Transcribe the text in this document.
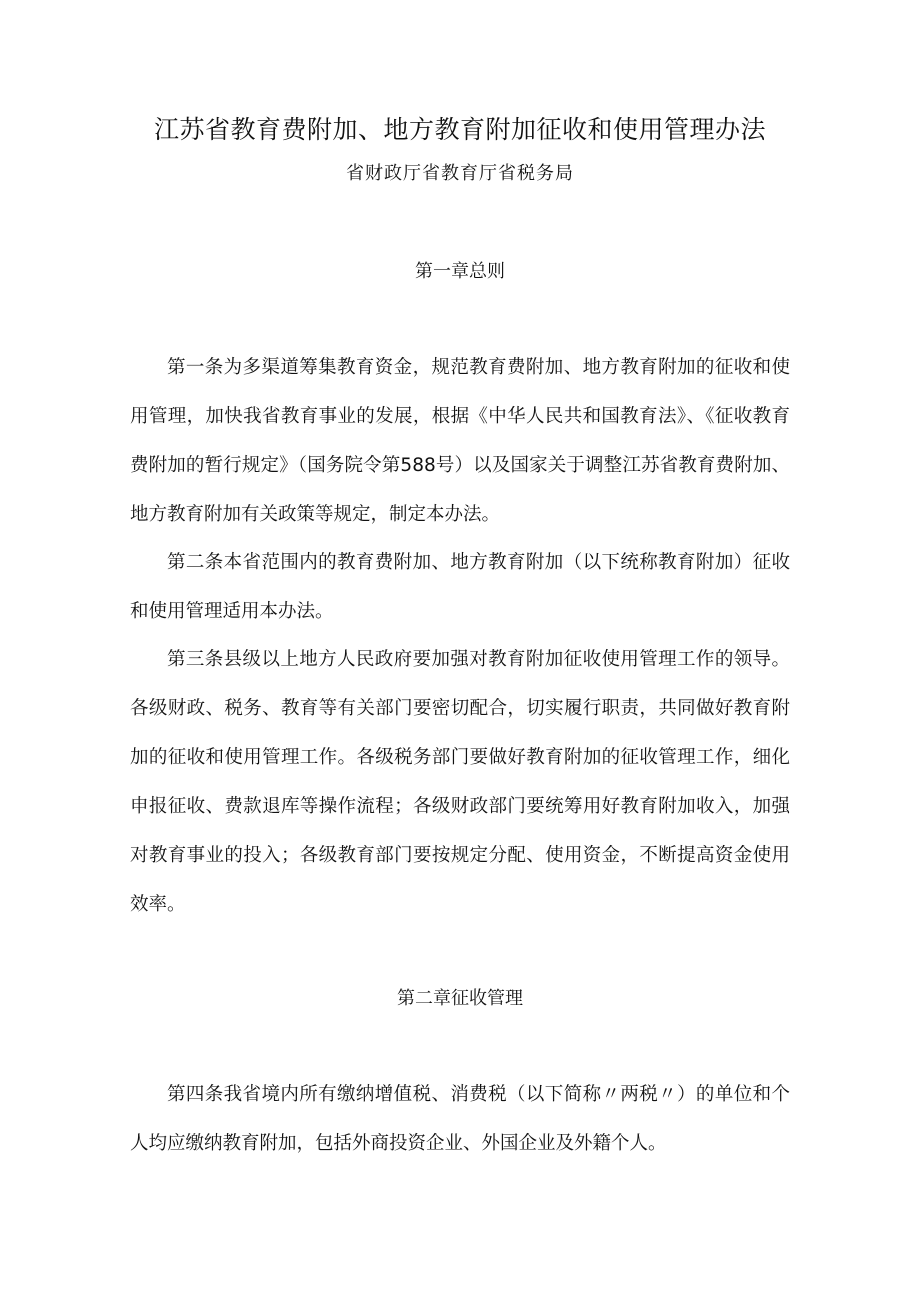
江苏省教育费附加、地方教育附加征收和使用管理办法
省财政厅省教育厅省税务局
第一章总则

第一条为多渠道筹集教育资金，规范教育费附加、地方教育附加的征收和使用管理，加快我省教育事业的发展，根据《中华人民共和国教育法》、《征收教育费附加的暂行规定》（国务院令第588号）以及国家关于调整江苏省教育费附加、地方教育附加有关政策等规定，制定本办法。

第二条本省范围内的教育费附加、地方教育附加（以下统称教育附加）征收和使用管理适用本办法。

第三条县级以上地方人民政府要加强对教育附加征收使用管理工作的领导。各级财政、税务、教育等有关部门要密切配合，切实履行职责，共同做好教育附加的征收和使用管理工作。各级税务部门要做好教育附加的征收管理工作，细化申报征收、费款退库等操作流程；各级财政部门要统筹用好教育附加收入，加强对教育事业的投入；各级教育部门要按规定分配、使用资金，不断提高资金使用效率。

第二章征收管理

第四条我省境内所有缴纳增值税、消费税（以下简称〃两税〃）的单位和个人均应缴纳教育附加，包括外商投资企业、外国企业及外籍个人。
